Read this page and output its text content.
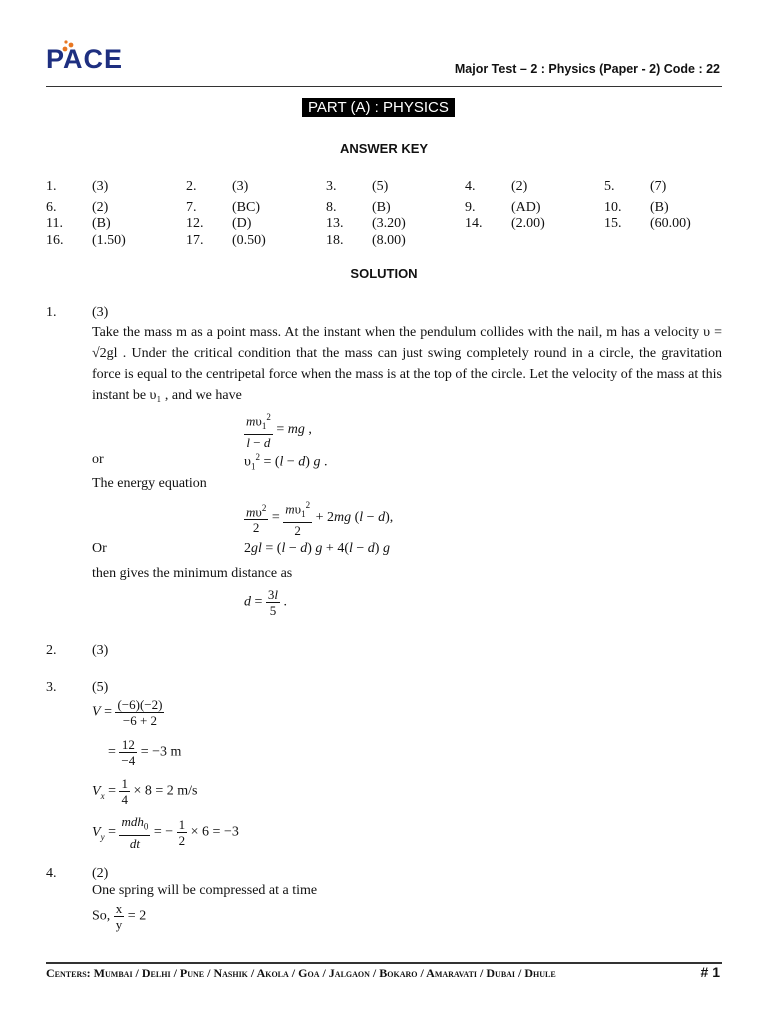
PACE	Major Test – 2 : Physics (Paper - 2) Code : 22
PART (A) : PHYSICS
ANSWER KEY
1.	(3)	2.	(3)	3.	(5)	4.	(2)	5.	(7)
6.	(2)	7.	(BC)	8.	(B)	9.	(AD)	10. (B)
11. (B)	12. (D)	13. (3.20)	14. (2.00)	15. (60.00)
16. (1.50)	17. (0.50)	18. (8.00)
SOLUTION
1.	(3)
Take the mass m as a point mass. At the instant when the pendulum collides with the nail, m has a velocity υ = √2gl . Under the critical condition that the mass can just swing completely round in a circle, the gravitation force is equal to the centripetal force when the mass is at the top of the circle. Let the velocity of the mass at this instant be υ₁ , and we have
$\frac{m\upsilon_1^2}{l - d}$ = mg ,
or	$\upsilon_1^2 = (l - d)$ g .
The energy equation
$\frac{m\upsilon^2}{2} = \frac{m\upsilon_1^2}{2} + 2mg$ (l − d),
Or	2gl = (l − d) g + 4(l − d) g
then gives the minimum distance as
$d = \frac{3l}{5}$ .
2.	(3)
3.	(5)
$V = \frac{(-6)(-2)}{-6 + 2}$
= $\frac{12}{-4} = -3$ m
$V_x = \frac{1}{4} \times 8 = 2$ m/s
$V_y = \frac{mdh_0}{dt}$ = − $\frac{1}{2} \times 6 = -3$
4.	(2)
One spring will be compressed at a time
So, $\frac{x}{y} = 2$
Centers: Mumbai / Delhi / Pune / Nashik / Akola / Goa / Jalgaon / Bokaro / Amaravati / Dubai / Dhule	# 1
